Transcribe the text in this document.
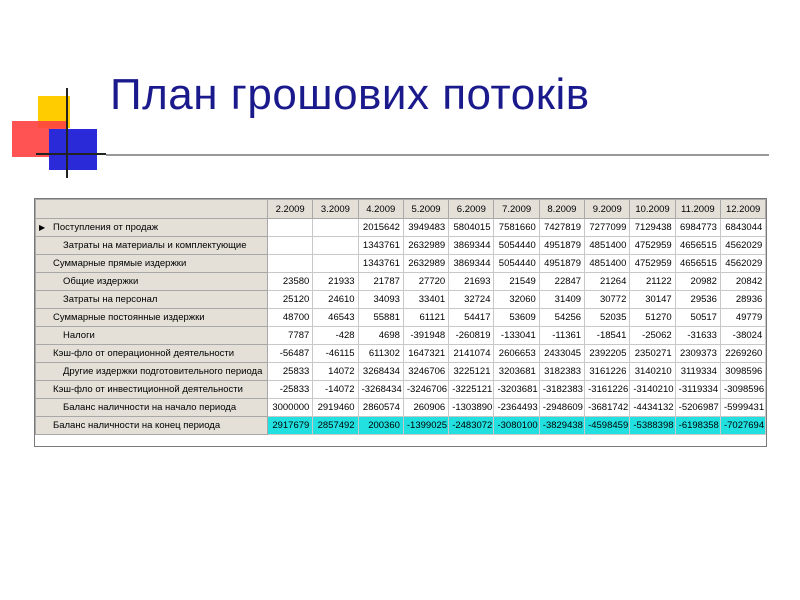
План грошових потоків
	2.2009	3.2009	4.2009	5.2009	6.2009	7.2009	8.2009	9.2009	10.2009	11.2009	12.2009
▶ Поступления от продаж			2015642	3949483	5804015	7581660	7427819	7277099	7129438	6984773	6843044
Затраты на материалы и комплектующие			1343761	2632989	3869344	5054440	4951879	4851400	4752959	4656515	4562029
Суммарные прямые издержки			1343761	2632989	3869344	5054440	4951879	4851400	4752959	4656515	4562029
Общие издержки	23580	21933	21787	27720	21693	21549	22847	21264	21122	20982	20842
Затраты на персонал	25120	24610	34093	33401	32724	32060	31409	30772	30147	29536	28936
Суммарные постоянные издержки	48700	46543	55881	61121	54417	53609	54256	52035	51270	50517	49779
Налоги	7787	-428	4698	-391948	-260819	-133041	-11361	-18541	-25062	-31633	-38024
Кэш-фло от операционной деятельности	-56487	-46115	611302	1647321	2141074	2606653	2433045	2392205	2350271	2309373	2269260
Другие издержки подготовительного периода	25833	14072	3268434	3246706	3225121	3203681	3182383	3161226	3140210	3119334	3098596
Кэш-фло от инвестиционной деятельности	-25833	-14072	-3268434	-3246706	-3225121	-3203681	-3182383	-3161226	-3140210	-3119334	-3098596
Баланс наличности на начало периода	3000000	2919460	2860574	260906	-1303890	-2364493	-2948609	-3681742	-4434132	-5206987	-5999431
Баланс наличности на конец периода	2917679	2857492	200360	-1399025	-2483072	-3080100	-3829438	-4598459	-5388398	-6198358	-7027694
